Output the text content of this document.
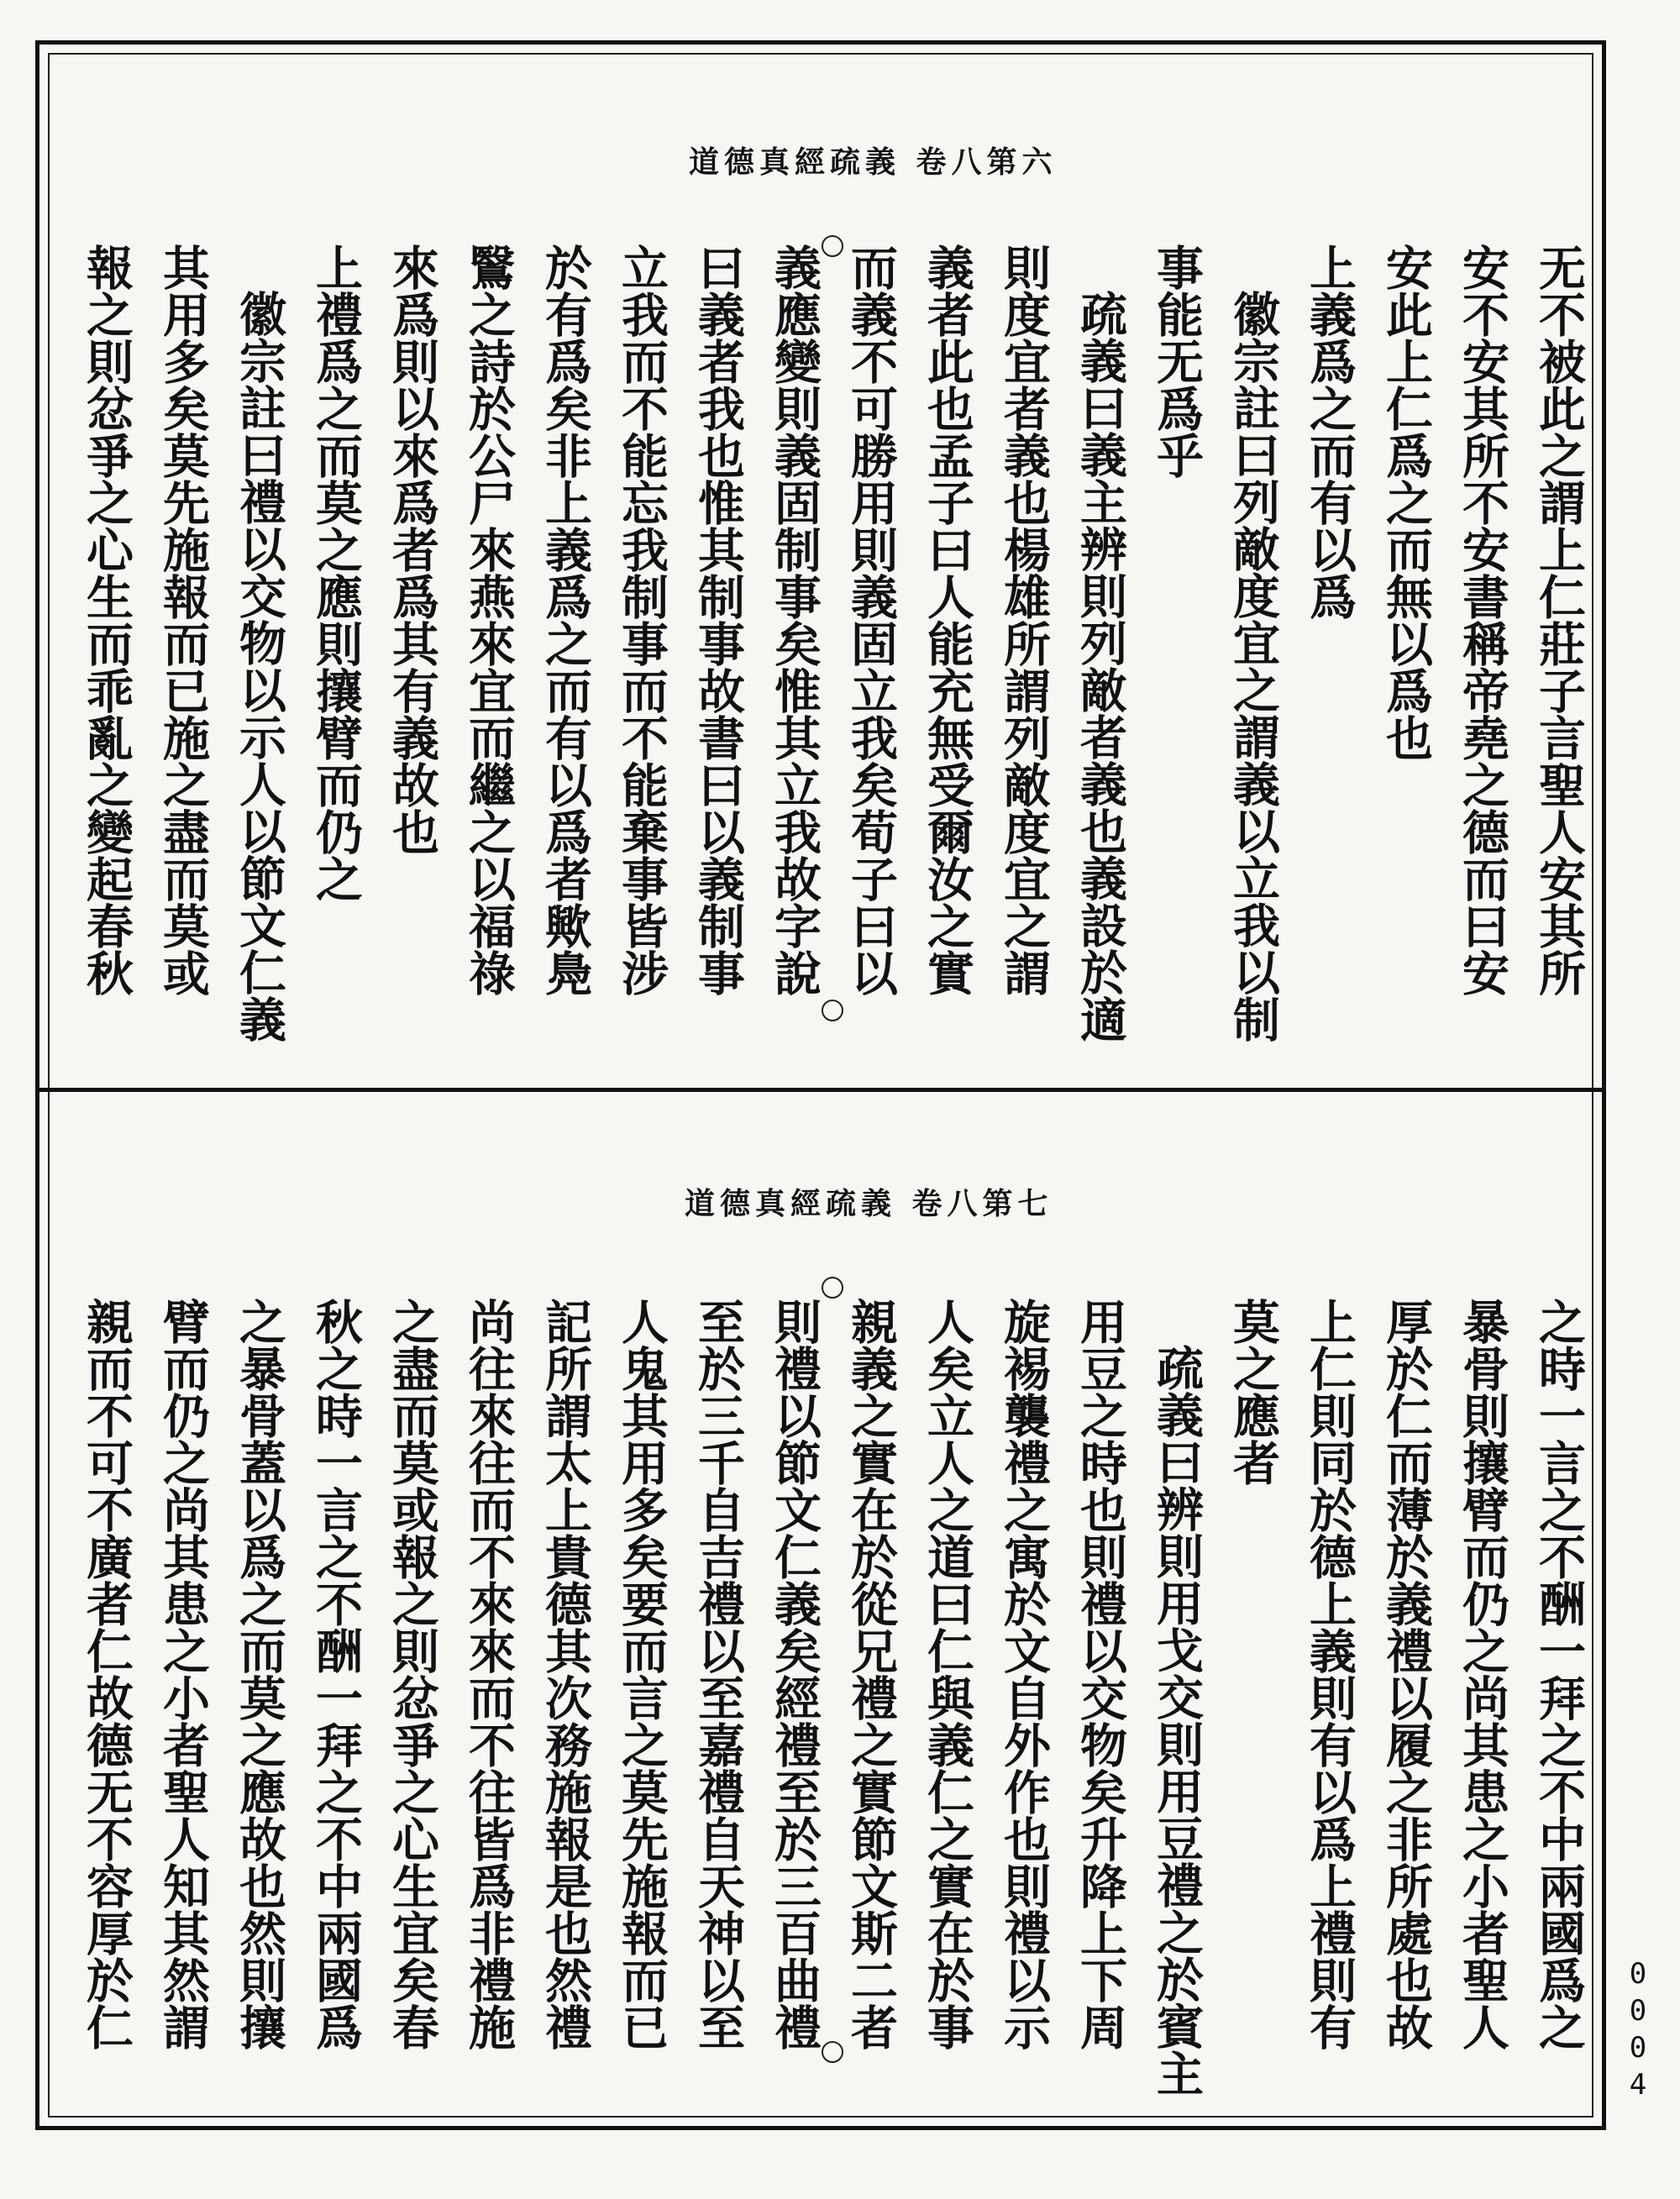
道德真經疏義 卷八第六
无不被此之謂上仁莊子言聖人安其所
安不安其所不安書稱帝堯之德而曰安
安此上仁爲之而無以爲也
上義爲之而有以爲
徽宗註曰列敵度宜之謂義以立我以制
事能无爲乎
疏義曰義主辨則列敵者義也義設於適
則度宜者義也楊雄所謂列敵度宜之謂
義者此也孟子曰人能充無受爾汝之實
而義不可勝用則義固立我矣荀子曰以
義應變則義固制事矣惟其立我故字說
曰義者我也惟其制事故書曰以義制事
立我而不能忘我制事而不能棄事皆涉
於有爲矣非上義爲之而有以爲者歟鳧
鷖之詩於公尸來燕來宜而繼之以福祿
來爲則以來爲者爲其有義故也
上禮爲之而莫之應則攘臂而仍之
徽宗註曰禮以交物以示人以節文仁義
其用多矣莫先施報而已施之盡而莫或
報之則忿爭之心生而乖亂之變起春秋
道德真經疏義 卷八第七
之時一言之不酬一拜之不中兩國爲之
暴骨則攘臂而仍之尚其患之小者聖人
厚於仁而薄於義禮以履之非所處也故
上仁則同於德上義則有以爲上禮則有
莫之應者
疏義曰辨則用戈交則用豆禮之於賓主
用豆之時也則禮以交物矣升降上下周
旋裼襲禮之寓於文自外作也則禮以示
人矣立人之道曰仁與義仁之實在於事
親義之實在於從兄禮之實節文斯二者
則禮以節文仁義矣經禮至於三百曲禮
至於三千自吉禮以至嘉禮自天神以至
人鬼其用多矣要而言之莫先施報而已
記所謂太上貴德其次務施報是也然禮
尚往來往而不來來而不往皆爲非禮施
之盡而莫或報之則忿爭之心生宜矣春
秋之時一言之不酬一拜之不中兩國爲
之暴骨蓋以爲之而莫之應故也然則攘
臂而仍之尚其患之小者聖人知其然謂
親而不可不廣者仁故德无不容厚於仁	0004
